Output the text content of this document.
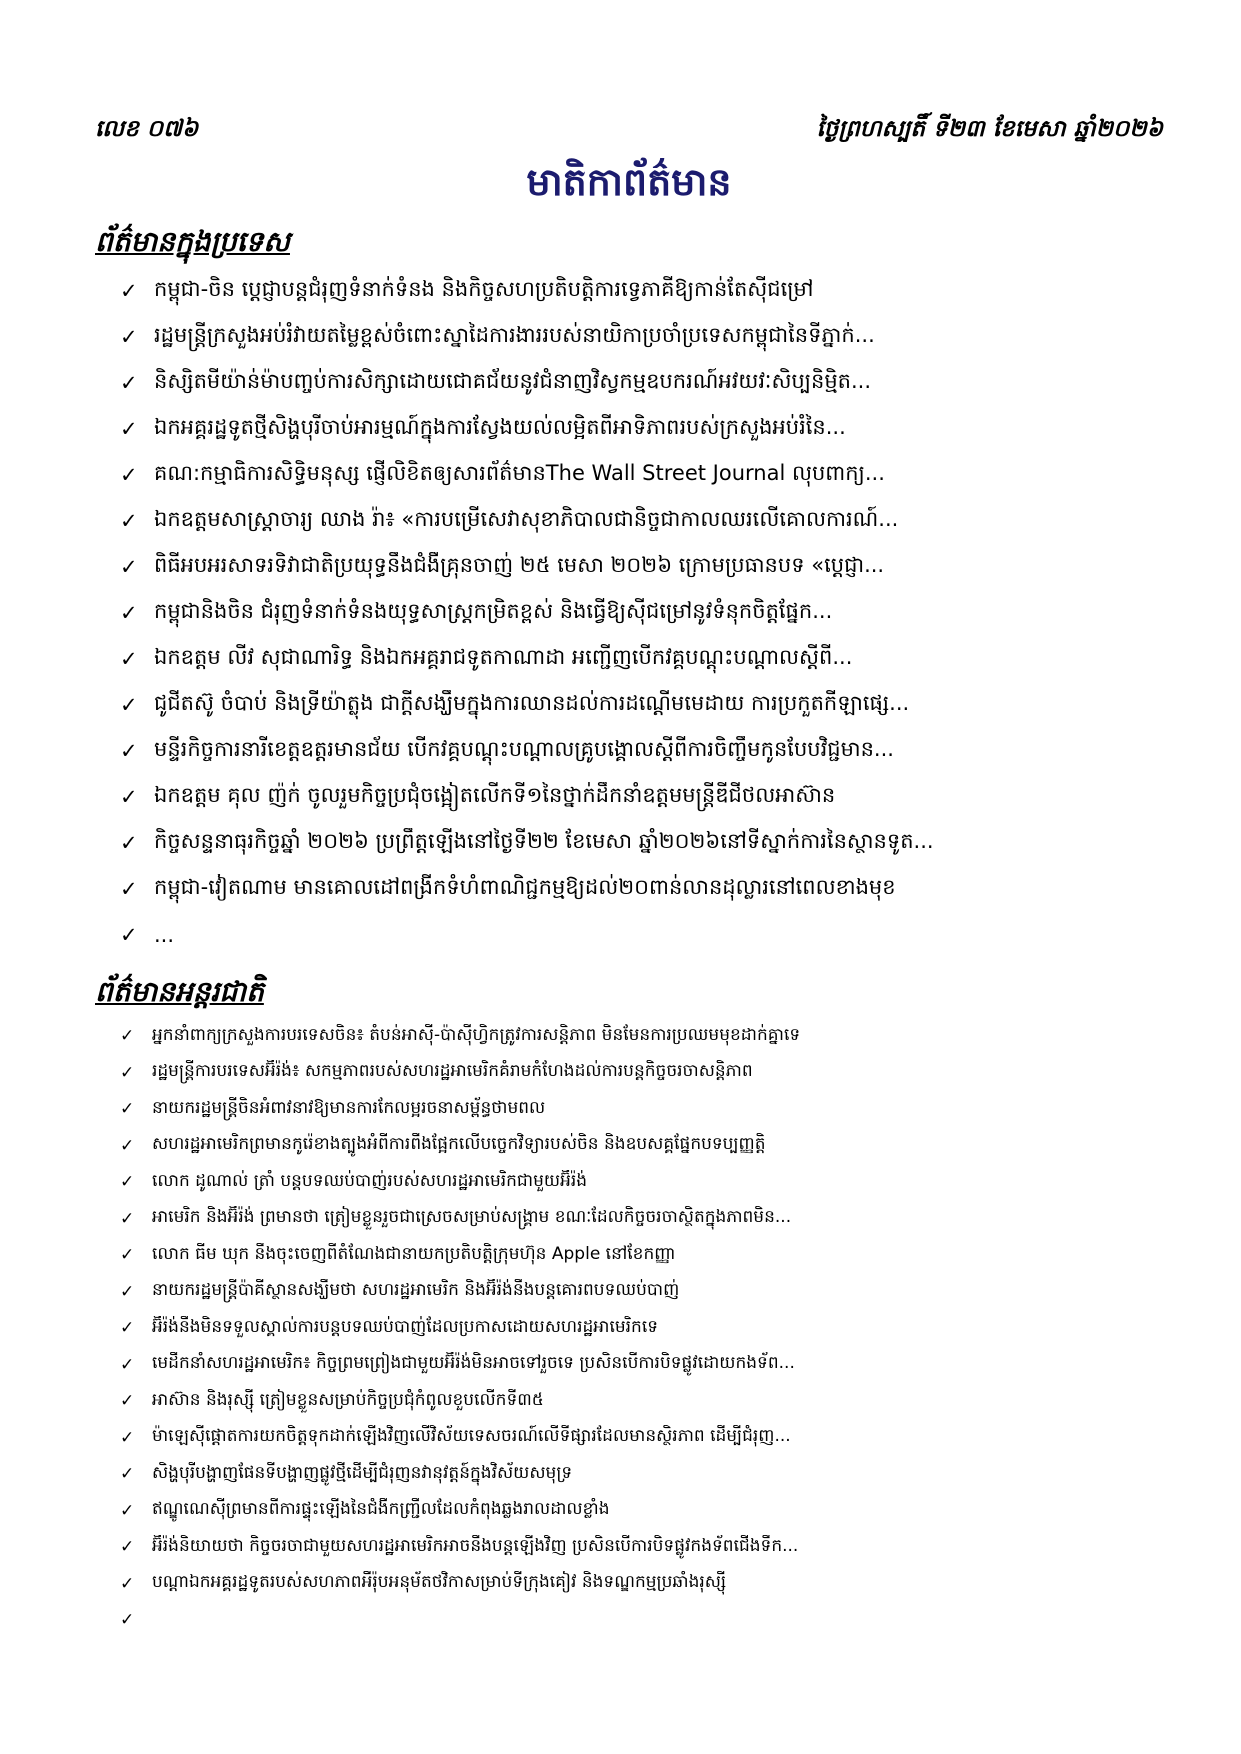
លេខ ០៧៦	ថ្ងៃព្រហស្បតិ៍ ទី២៣ ខែមេសា ឆ្នាំ២០២៦
មាតិកាព័ត៌មាន
ព័ត៌មានក្នុងប្រទេស
✓ កម្ពុជា-ចិន ប្ដេជ្ញាបន្តជំរុញទំនាក់ទំនង និងកិច្ចសហប្រតិបត្តិការទ្វេភាគីឱ្យកាន់តែស៊ីជម្រៅ
✓ រដ្ឋមន្ត្រីក្រសួងអប់រំវាយតម្លៃខ្ពស់ចំពោះស្នាដៃការងាររបស់នាយិកាប្រចាំប្រទេសកម្ពុជានៃទីភ្នាក់...
✓ និស្សិតមីយ៉ាន់ម៉ាបញ្ចប់ការសិក្សាដោយជោគជ័យនូវជំនាញវិស្វកម្មឧបករណ៍អវយវៈសិប្បនិម្មិត...
✓ ឯកអគ្គរដ្ឋទូតថ្មីសិង្ហបុរីចាប់អារម្មណ៍ក្នុងការស្វែងយល់លម្អិតពីអាទិភាពរបស់ក្រសួងអប់រំនៃ...
✓ គណ:កម្មាធិការសិទ្ធិមនុស្ស ផ្ញើលិខិតឲ្យសារព័ត៌មានThe Wall Street Journal លុបពាក្យ...
✓ ឯកឧត្តមសាស្ត្រាចារ្យ ឈាង រ៉ា៖ «ការបម្រើសេវាសុខាភិបាលជានិច្ចជាកាលឈរលើគោលការណ៍...
✓ ពិធីអបអរសាទរទិវាជាតិប្រយុទ្ធនឹងជំងឺគ្រុនចាញ់ ២៥ មេសា ២០២៦ ក្រោមប្រធានបទ «ប្ដេជ្ញា...
✓ កម្ពុជានិងចិន ជំរុញទំនាក់ទំនងយុទ្ធសាស្ត្រកម្រិតខ្ពស់ និងធ្វើឱ្យស៊ីជម្រៅនូវទំនុកចិត្តផ្នែក...
✓ ឯកឧត្តម លីវ សុជាណារិទ្ធ និងឯកអគ្គរាជទូតកាណាដា អញ្ជើញបើកវគ្គបណ្ដុះបណ្ដាលស្ដីពី...
✓ ជូជីតស៊ូ ចំបាប់ និងទ្រីយ៉ាត្លុង ជាក្ដីសង្ឃឹមក្នុងការឈានដល់ការដណ្ដើមមេដាយ ការប្រកួតកីឡាផ្សេ...
✓ មន្ទីរកិច្ចការនារីខេត្តឧត្តរមានជ័យ បើកវគ្គបណ្ដុះបណ្ដាលគ្រូបង្គោលស្ដីពីការចិញ្ចឹមកូនបែបវិជ្ជមាន...
✓ ឯកឧត្តម គុល ញ៉ក់ ចូលរួមកិច្ចប្រជុំចង្អៀតលើកទី១នៃថ្នាក់ដឹកនាំឧត្តមមន្ត្រីឌីជីថលអាស៊ាន
✓ កិច្ចសន្ទនាធុរកិច្ចឆ្នាំ ២០២៦ ប្រព្រឹត្តឡើងនៅថ្ងៃទី២២ ខែមេសា ឆ្នាំ២០២៦នៅទីស្នាក់ការនៃស្ថានទូត...
✓ កម្ពុជា-វៀតណាម មានគោលដៅពង្រីកទំហំពាណិជ្ជកម្មឱ្យដល់២០ពាន់លានដុល្លារនៅពេលខាងមុខ
✓ ...
ព័ត៌មានអន្តរជាតិ
✓	អ្នកនាំពាក្យក្រសួងការបរទេសចិន៖ តំបន់អាស៊ី-ប៉ាស៊ីហ្វិកត្រូវការសន្តិភាព មិនមែនការប្រឈមមុខដាក់គ្នាទេ
✓	រដ្ឋមន្ត្រីការបរទេសអ៊ីរ៉ង់៖ សកម្មភាពរបស់សហរដ្ឋអាមេរិកគំរាមកំហែងដល់ការបន្តកិច្ចចរចាសន្តិភាព
✓	នាយករដ្ឋមន្ត្រីចិនអំពាវនាវឱ្យមានការកែលម្អរចនាសម្ព័ន្ធថាមពល
✓	សហរដ្ឋអាមេរិកព្រមានកូរ៉េខាងត្បូងអំពីការពឹងផ្អែកលើបច្ចេកវិទ្យារបស់ចិន និងឧបសគ្គផ្នែកបទប្បញ្ញត្តិ
✓	លោក ដូណាល់ ត្រាំ បន្តបទឈប់បាញ់របស់សហរដ្ឋអាមេរិកជាមួយអ៊ីរ៉ង់
✓	អាមេរិក និងអ៊ីរ៉ង់ ព្រមានថា ត្រៀមខ្លួនរួចជាស្រេចសម្រាប់សង្គ្រាម ខណៈដែលកិច្ចចរចាស្ថិតក្នុងភាពមិន...
✓	លោក ធីម ឃុក នឹងចុះចេញពីតំណែងជានាយកប្រតិបត្តិក្រុមហ៊ុន Apple នៅខែកញ្ញា
✓	នាយករដ្ឋមន្ត្រីប៉ាគីស្ថានសង្ឃឹមថា សហរដ្ឋអាមេរិក និងអ៊ីរ៉ង់នឹងបន្តគោរពបទឈប់បាញ់
✓	អ៊ីរ៉ង់នឹងមិនទទួលស្គាល់ការបន្តបទឈប់បាញ់ដែលប្រកាសដោយសហរដ្ឋអាមេរិកទេ
✓	មេដឹកនាំសហរដ្ឋអាមេរិក៖ កិច្ចព្រមព្រៀងជាមួយអ៊ីរ៉ង់មិនអាចទៅរួចទេ ប្រសិនបើការបិទផ្លូវដោយកងទ័ព...
✓	អាស៊ាន និងរុស្ស៊ី ត្រៀមខ្លួនសម្រាប់កិច្ចប្រជុំកំពូលខួបលើកទី៣៥
✓	ម៉ាឡេស៊ីផ្ដោតការយកចិត្តទុកដាក់ឡើងវិញលើវិស័យទេសចរណ៍លើទីផ្សារដែលមានស្ថិរភាព ដើម្បីជំរុញ...
✓	សិង្ហបុរីបង្ហាញផែនទីបង្ហាញផ្លូវថ្មីដើម្បីជំរុញនវានុវត្តន៍ក្នុងវិស័យសមុទ្រ
✓	ឥណ្ឌូណេស៊ីព្រមានពីការផ្ទុះឡើងនៃជំងឺកញ្ជ្រឹលដែលកំពុងឆ្លងរាលដាលខ្លាំង
✓	អ៊ីរ៉ង់និយាយថា កិច្ចចរចាជាមួយសហរដ្ឋអាមេរិកអាចនឹងបន្តឡើងវិញ ប្រសិនបើការបិទផ្លូវកងទ័ពជើងទឹក...
✓	បណ្ដាឯកអគ្គរដ្ឋទូតរបស់សហភាពអឺរ៉ុបអនុម័តថវិកាសម្រាប់ទីក្រុងគៀវ និងទណ្ឌកម្មប្រឆាំងរុស្ស៊ី
✓
